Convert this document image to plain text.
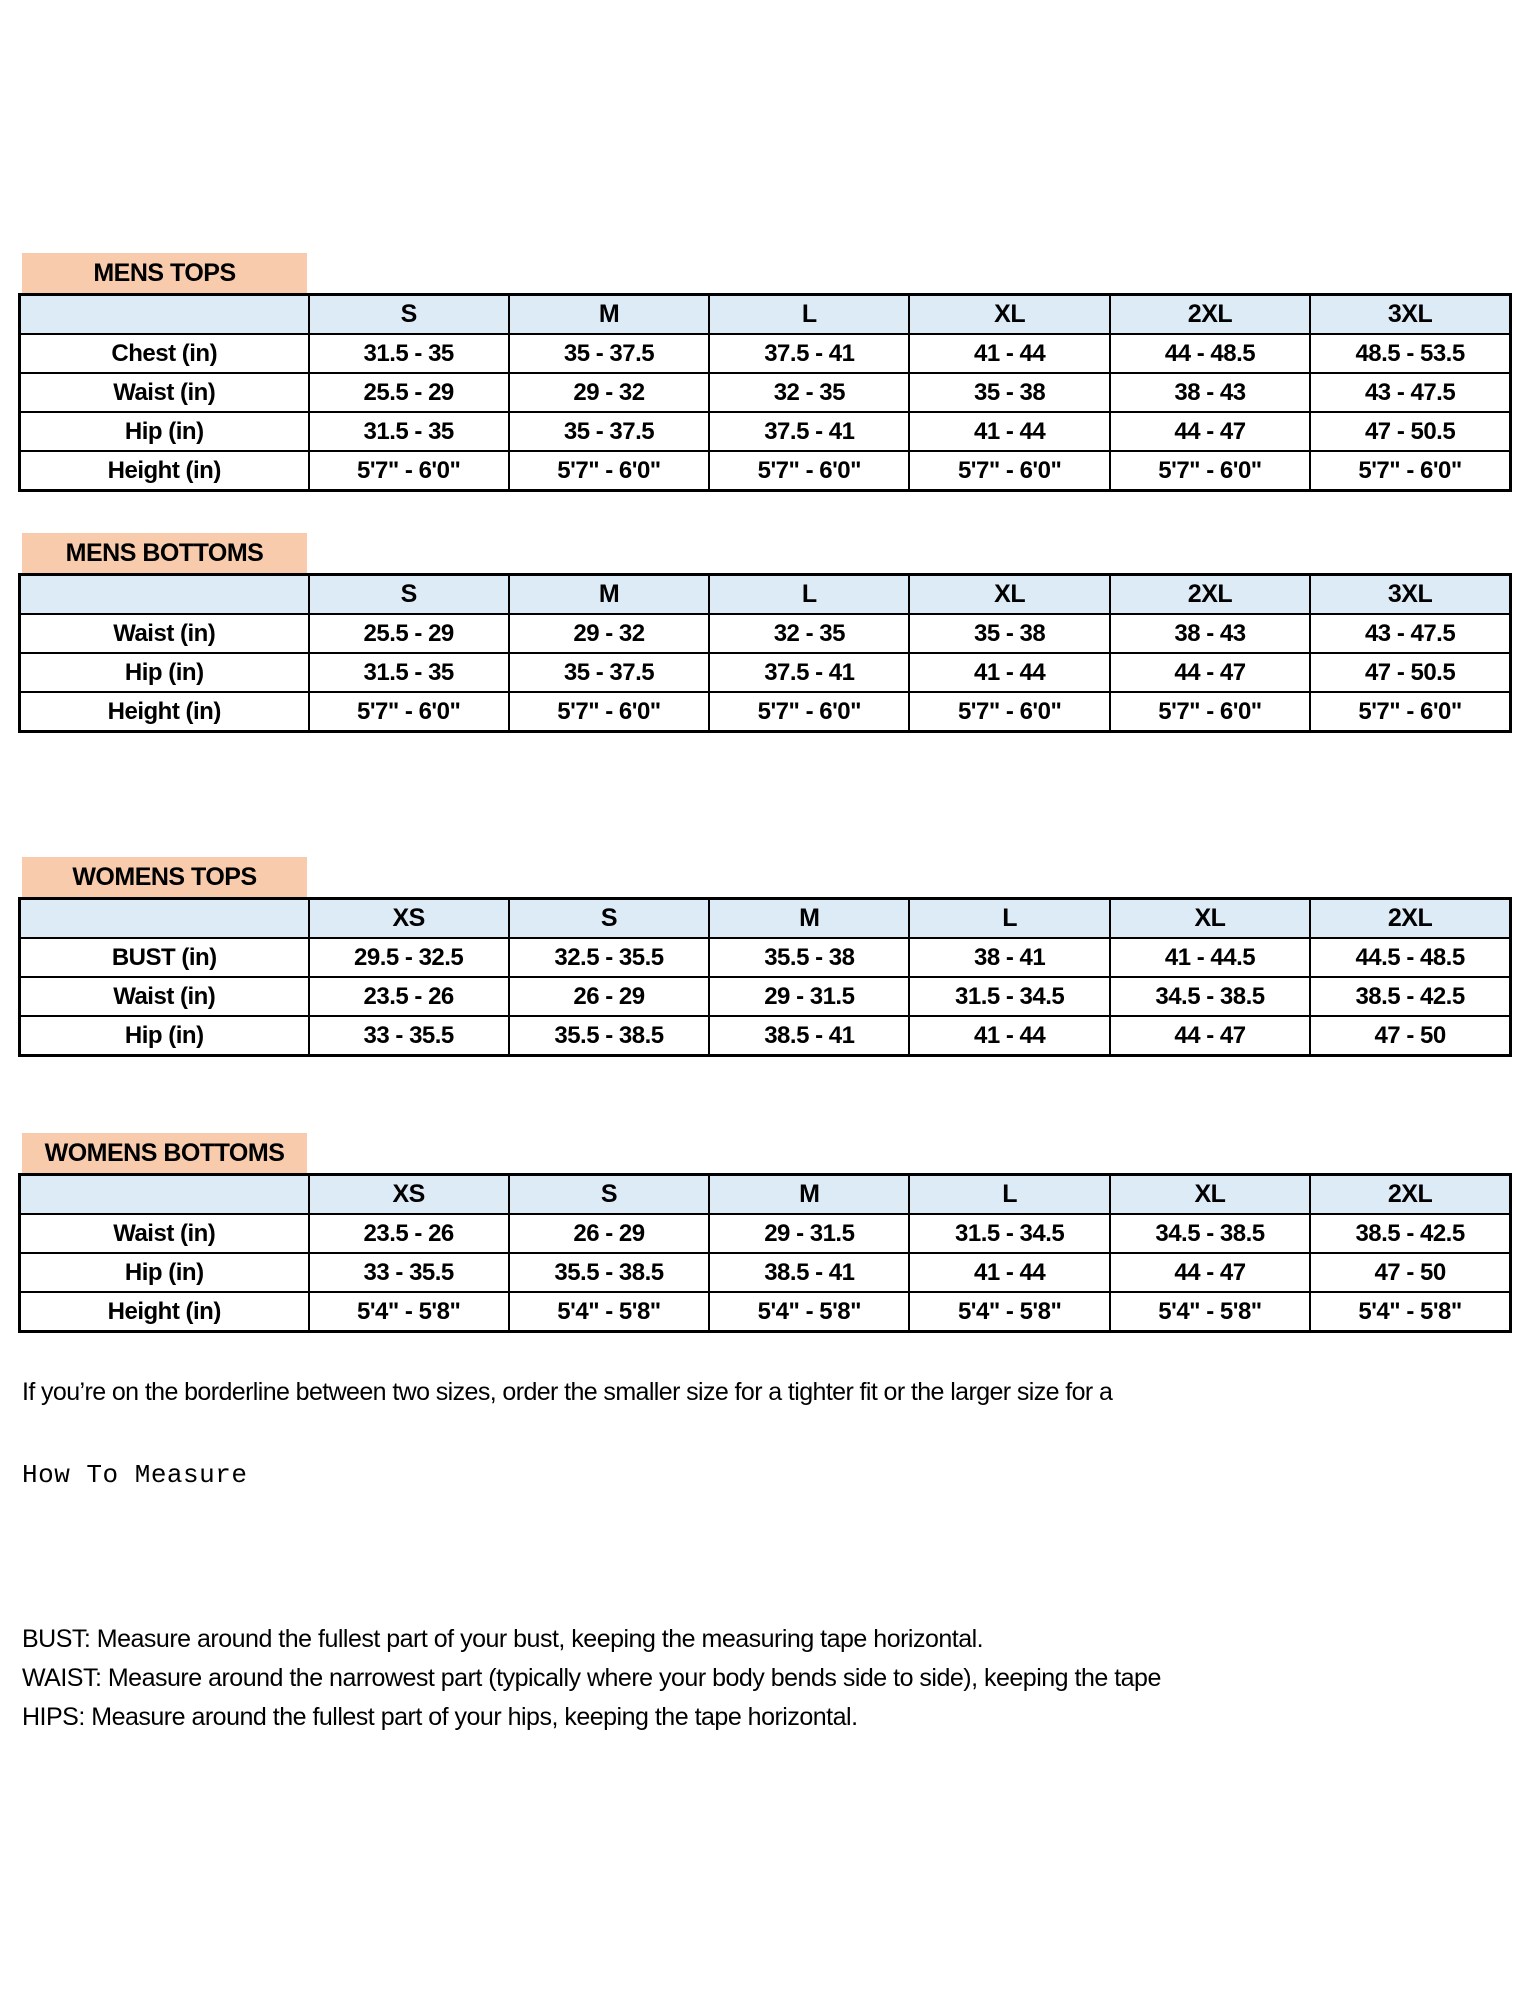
MENS TOPS
	S	M	L	XL	2XL	3XL
Chest (in)	31.5 - 35	35 - 37.5	37.5 - 41	41 - 44	44 - 48.5	48.5 - 53.5
Waist (in)	25.5 - 29	29 - 32	32 - 35	35 - 38	38 - 43	43 - 47.5
Hip (in)	31.5 - 35	35 - 37.5	37.5 - 41	41 - 44	44 - 47	47 - 50.5
Height (in)	5'7" - 6'0"	5'7" - 6'0"	5'7" - 6'0"	5'7" - 6'0"	5'7" - 6'0"	5'7" - 6'0"
MENS BOTTOMS
	S	M	L	XL	2XL	3XL
Waist (in)	25.5 - 29	29 - 32	32 - 35	35 - 38	38 - 43	43 - 47.5
Hip (in)	31.5 - 35	35 - 37.5	37.5 - 41	41 - 44	44 - 47	47 - 50.5
Height (in)	5'7" - 6'0"	5'7" - 6'0"	5'7" - 6'0"	5'7" - 6'0"	5'7" - 6'0"	5'7" - 6'0"
WOMENS TOPS
	XS	S	M	L	XL	2XL
BUST (in)	29.5 - 32.5	32.5 - 35.5	35.5 - 38	38 - 41	41 - 44.5	44.5 - 48.5
Waist (in)	23.5 - 26	26 - 29	29 - 31.5	31.5 - 34.5	34.5 - 38.5	38.5 - 42.5
Hip (in)	33 - 35.5	35.5 - 38.5	38.5 - 41	41 - 44	44 - 47	47 - 50
WOMENS BOTTOMS
	XS	S	M	L	XL	2XL
Waist (in)	23.5 - 26	26 - 29	29 - 31.5	31.5 - 34.5	34.5 - 38.5	38.5 - 42.5
Hip (in)	33 - 35.5	35.5 - 38.5	38.5 - 41	41 - 44	44 - 47	47 - 50
Height (in)	5'4" - 5'8"	5'4" - 5'8"	5'4" - 5'8"	5'4" - 5'8"	5'4" - 5'8"	5'4" - 5'8"

If you’re on the borderline between two sizes, order the smaller size for a tighter fit or the larger size for a

How To Measure

BUST: Measure around the fullest part of your bust, keeping the measuring tape horizontal.

WAIST: Measure around the narrowest part (typically where your body bends side to side), keeping the tape

HIPS: Measure around the fullest part of your hips, keeping the tape horizontal.
